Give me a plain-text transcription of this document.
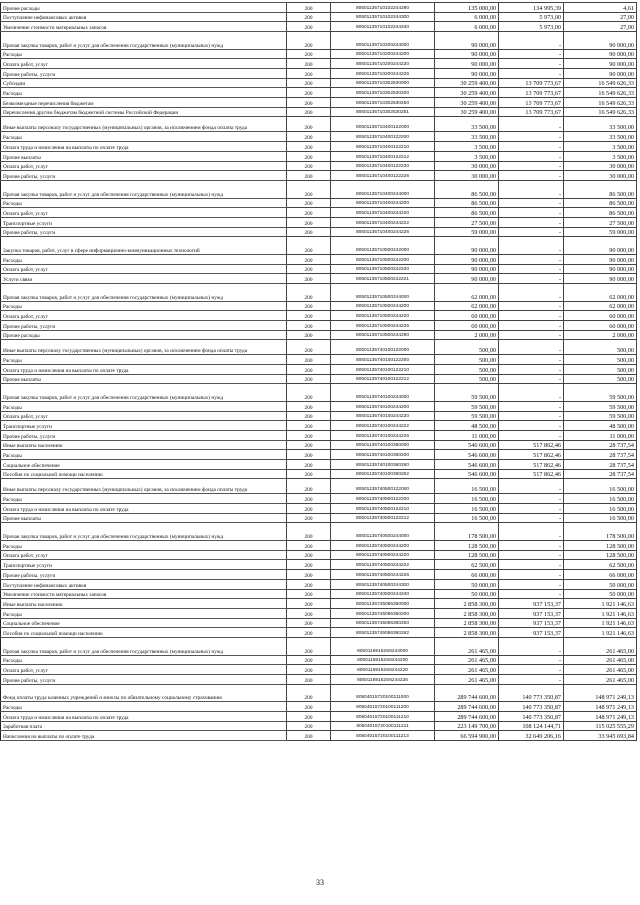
Прочие расходы	200	80501135710102244290	135 000,00	134 995,39	4,61
Поступление нефинансовых активов	200	80501135710102244300	6 000,00	5 973,00	27,00
Увеличение стоимости материальных запасов	200	80501135710102244340	6 000,00	5 973,00	27,00
Прочая закупка товаров, работ и услуг для обеспечения государственных (муниципальных) нужд	200	80501135710200244000	90 000,00	-	90 000,00
Расходы	200	80501135710200244200	90 000,00	-	90 000,00
Оплата работ, услуг	200	80501135710200244220	90 000,00	-	90 000,00
Прочие работы, услуги	200	80501135710200244226	90 000,00	-	90 000,00
Субсидии	200	80501135710302530000	30 259 400,00	13 709 773,67	16 549 626,33
Расходы	200	80501135710302530200	30 259 400,00	13 709 773,67	16 549 626,33
Безвозмездные перечисления бюджетам	200	80501135710302530250	30 259 400,00	13 709 773,67	16 549 626,33
Перечисления другим бюджетам бюджетной системы Российской Федерации	200	80501135710302530251	30 259 400,00	13 709 773,67	16 549 626,33
Иные выплаты персоналу государственных (муниципальных) органов, за исключением фонда оплаты труда	200	80501135710400122000	33 500,00	-	33 500,00
Расходы	200	80501135710400122200	33 500,00	-	33 500,00
Оплата труда и начисления на выплаты по оплате труда	200	80501135710400122210	3 500,00	-	3 500,00
Прочие выплаты	200	80501135710400122212	3 500,00	-	3 500,00
Оплата работ, услуг	200	80501135710400122220	30 000,00	-	30 000,00
Прочие работы, услуги	200	80501135710400122226	30 000,00	-	30 000,00
Прочая закупка товаров, работ и услуг для обеспечения государственных (муниципальных) нужд	200	80501135710400244000	86 500,00	-	86 500,00
Расходы	200	80501135710400244200	86 500,00	-	86 500,00
Оплата работ, услуг	200	80501135710400244220	86 500,00	-	86 500,00
Транспортные услуги	200	80501135710400244222	27 500,00	-	27 500,00
Прочие работы, услуги	200	80501135710400244226	59 000,00	-	59 000,00
Закупка товаров, работ, услуг в сфере информационно-коммуникационных технологий	200	80501135710500242000	90 000,00	-	90 000,00
Расходы	200	80501135710500242200	90 000,00	-	90 000,00
Оплата работ, услуг	200	80501135710500242220	90 000,00	-	90 000,00
Услуги связи	200	80501135710500242221	90 000,00	-	90 000,00
Прочая закупка товаров, работ и услуг для обеспечения государственных (муниципальных) нужд	200	80501135710500244000	62 000,00	-	62 000,00
Расходы	200	80501135710500244200	62 000,00	-	62 000,00
Оплата работ, услуг	200	80501135710500244220	60 000,00	-	60 000,00
Прочие работы, услуги	200	80501135710500244226	60 000,00	-	60 000,00
Прочие расходы	200	80501135710500244290	2 000,00	-	2 000,00
Иные выплаты персоналу государственных (муниципальных) органов, за исключением фонда оплаты труда	200	80501135740100122000	500,00	-	500,00
Расходы	200	80501135740100122200	500,00	-	500,00
Оплата труда и начисления на выплаты по оплате труда	200	80501135740100122210	500,00	-	500,00
Прочие выплаты	200	80501135740100122212	500,00	-	500,00
Прочая закупка товаров, работ и услуг для обеспечения государственных (муниципальных) нужд	200	80501135740100244000	59 500,00	-	59 500,00
Расходы	200	80501135740100244200	59 500,00	-	59 500,00
Оплата работ, услуг	200	80501135740100244220	59 500,00	-	59 500,00
Транспортные услуги	200	80501135740100244222	48 500,00	-	48 500,00
Прочие работы, услуги	200	80501135740100244226	11 000,00	-	11 000,00
Иные выплаты населению	200	80501135740100360000	546 600,00	517 862,46	28 737,54
Расходы	200	80501135740100360200	546 600,00	517 862,46	28 737,54
Социальное обеспечение	200	80501135740100360260	546 600,00	517 862,46	28 737,54
Пособия по социальной помощи населению	200	80501135740100360262	546 600,00	517 862,46	28 737,54
Иные выплаты персоналу государственных (муниципальных) органов, за исключением фонда оплаты труда	200	80501135740500122000	16 500,00	-	16 500,00
Расходы	200	80501135740500122200	16 500,00	-	16 500,00
Оплата труда и начисления на выплаты по оплате труда	200	80501135740500122210	16 500,00	-	16 500,00
Прочие выплаты	200	80501135740500122212	16 500,00	-	16 500,00
Прочая закупка товаров, работ и услуг для обеспечения государственных (муниципальных) нужд	200	80501135740500244000	178 500,00	-	178 500,00
Расходы	200	80501135740500244200	128 500,00	-	128 500,00
Оплата работ, услуг	200	80501135740500244220	128 500,00	-	128 500,00
Транспортные услуги	200	80501135740500244222	62 500,00	-	62 500,00
Прочие работы, услуги	200	80501135740500244226	66 000,00	-	66 000,00
Поступление нефинансовых активов	200	80501135740500244300	50 000,00	-	50 000,00
Увеличение стоимости материальных запасов	200	80501135740500244340	50 000,00	-	50 000,00
Иные выплаты населению	200	80501135745086360000	2 858 300,00	937 153,37	1 921 146,63
Расходы	200	80501135745086360200	2 858 300,00	937 153,37	1 921 146,63
Социальное обеспечение	200	80501135745086360260	2 858 300,00	937 153,37	1 921 146,63
Пособия по социальной помощи населению	200	80501135745086360262	2 858 300,00	937 153,37	1 921 146,63
Прочая закупка товаров, работ и услуг для обеспечения государственных (муниципальных) нужд	200	80501169152S6244000	261 465,00	-	261 465,00
Расходы	200	80501169152S6244200	261 465,00	-	261 465,00
Оплата работ, услуг	200	80501169152S6244220	261 465,00	-	261 465,00
Прочие работы, услуги	200	80501169152S6244226	261 465,00	-	261 465,00
Фонд оплаты труда казенных учреждений и взносы по обязательному социальному страхованию	200	80504015720100111000	289 744 600,00	140 773 350,87	148 971 249,13
Расходы	200	80504015720100111200	289 744 600,00	140 773 350,87	148 971 249,13
Оплата труда и начисления на выплаты по оплате труда	200	80504015720100111210	289 744 600,00	140 773 350,87	148 971 249,13
Заработная плата	200	80504015720100111211	223 149 700,00	108 124 144,71	115 025 555,29
Начисления на выплаты по оплате труда	200	80504015720100111213	66 594 900,00	32 649 206,16	33 945 693,84
33
